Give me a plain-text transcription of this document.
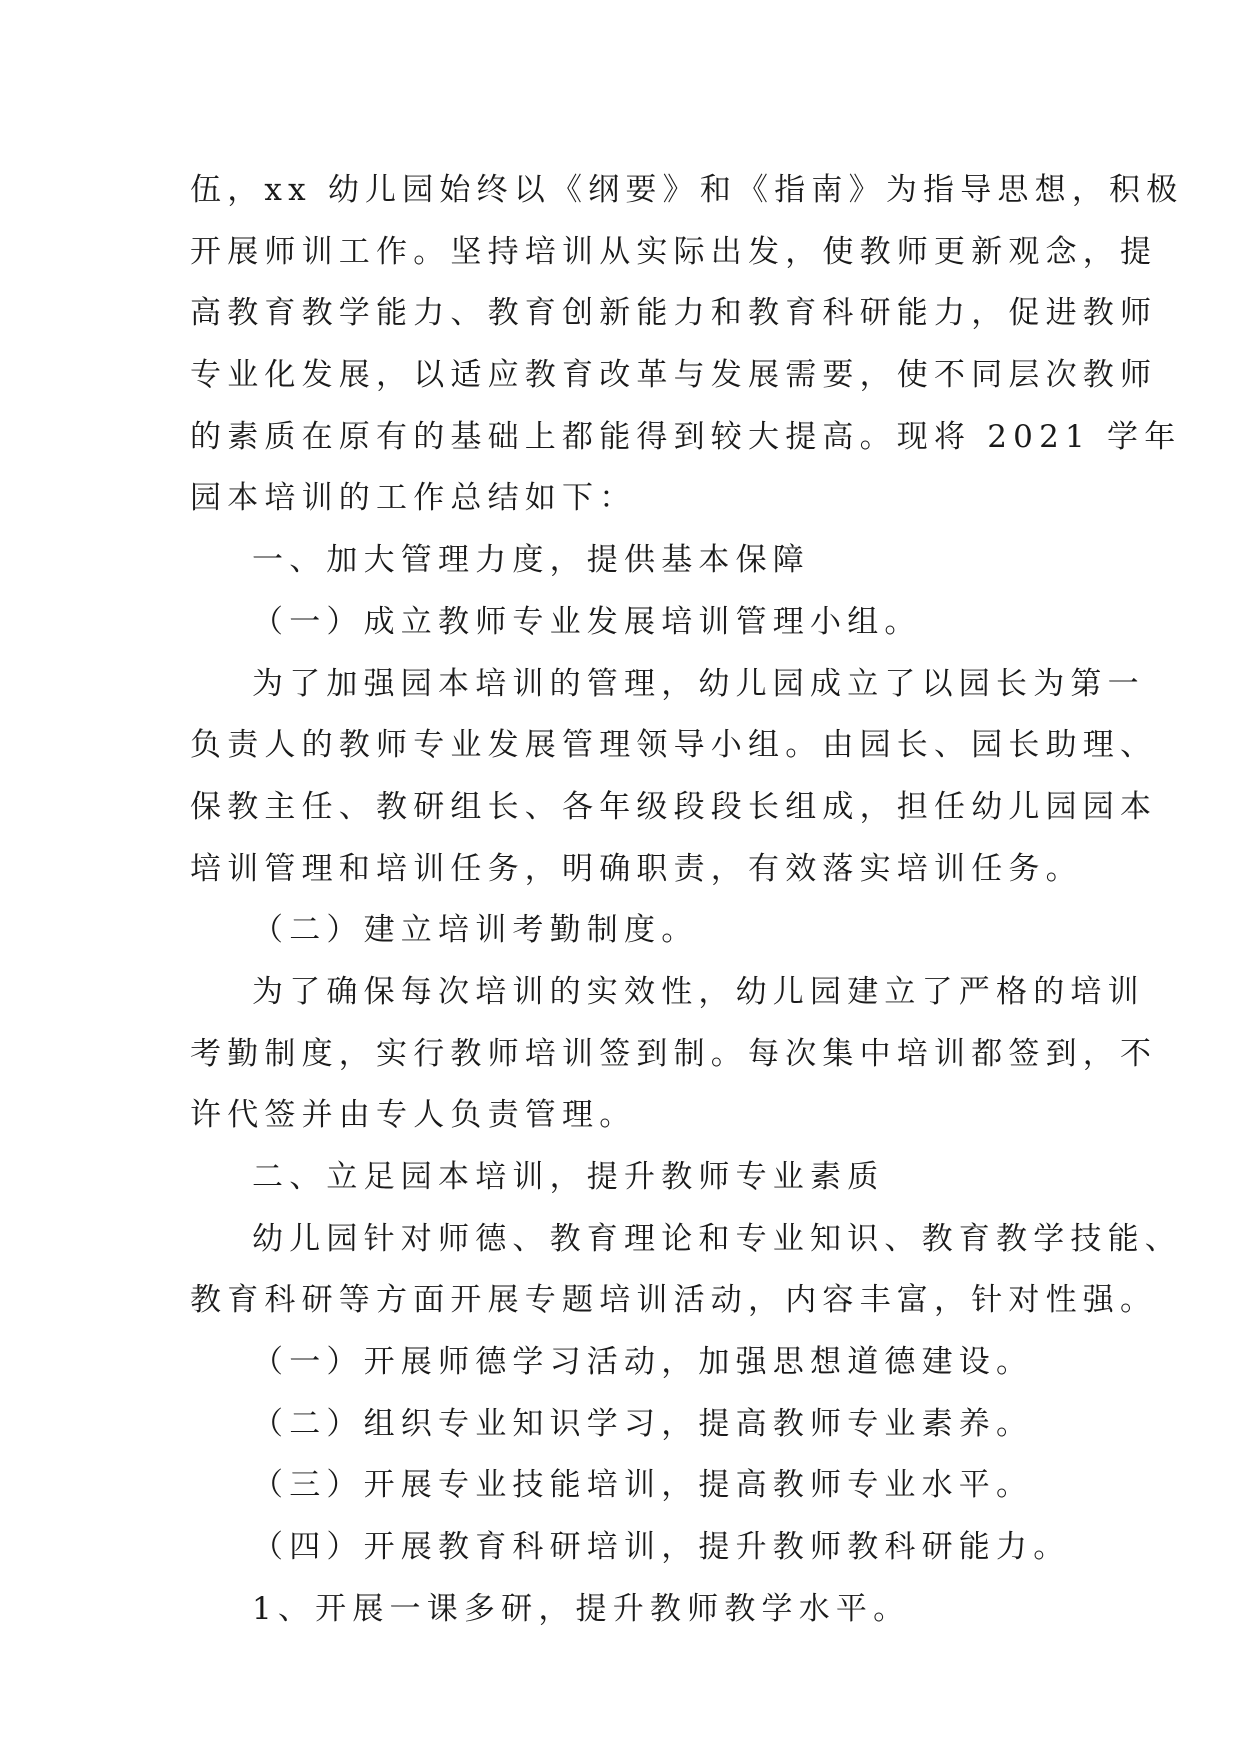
伍，xx 幼儿园始终以《纲要》和《指南》为指导思想，积极
开展师训工作。坚持培训从实际出发，使教师更新观念，提
高教育教学能力、教育创新能力和教育科研能力，促进教师
专业化发展，以适应教育改革与发展需要，使不同层次教师
的素质在原有的基础上都能得到较大提高。现将 2021 学年
园本培训的工作总结如下：
一、加大管理力度，提供基本保障
（一）成立教师专业发展培训管理小组。
为了加强园本培训的管理，幼儿园成立了以园长为第一
负责人的教师专业发展管理领导小组。由园长、园长助理、
保教主任、教研组长、各年级段段长组成，担任幼儿园园本
培训管理和培训任务，明确职责，有效落实培训任务。
（二）建立培训考勤制度。
为了确保每次培训的实效性，幼儿园建立了严格的培训
考勤制度，实行教师培训签到制。每次集中培训都签到，不
许代签并由专人负责管理。
二、立足园本培训，提升教师专业素质
幼儿园针对师德、教育理论和专业知识、教育教学技能、
教育科研等方面开展专题培训活动，内容丰富，针对性强。
（一）开展师德学习活动，加强思想道德建设。
（二）组织专业知识学习，提高教师专业素养。
（三）开展专业技能培训，提高教师专业水平。
（四）开展教育科研培训，提升教师教科研能力。
1、开展一课多研，提升教师教学水平。
